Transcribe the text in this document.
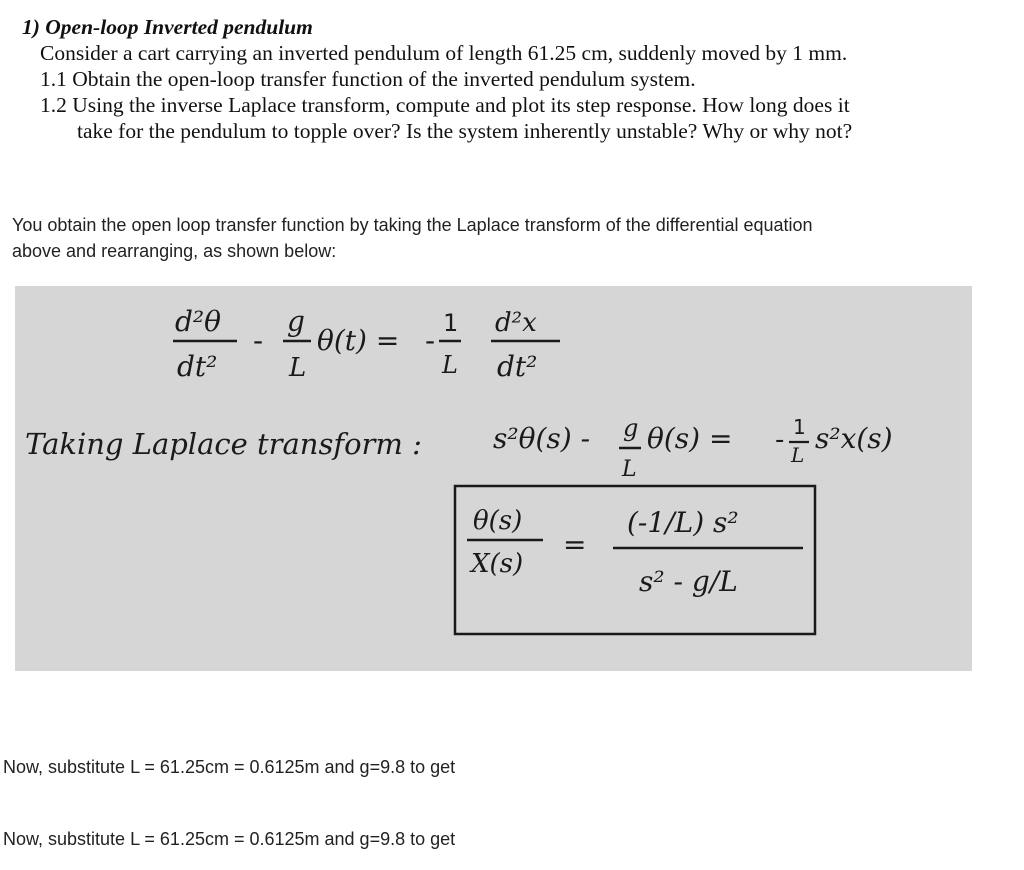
1) Open-loop Inverted pendulum
Consider a cart carrying an inverted pendulum of length 61.25 cm, suddenly moved by 1 mm.
1.1 Obtain the open-loop transfer function of the inverted pendulum system.
1.2 Using the inverse Laplace transform, compute and plot its step response. How long does it
take for the pendulum to topple over? Is the system inherently unstable? Why or why not?
You obtain the open loop transfer function by taking the Laplace transform of the differential equation
above and rearranging, as shown below:
d²θ
dt²
-
g
L
θ(t) = -
1
L
d²x
dt²
Taking Laplace transform :	s²θ(s) - g
L
θ(s) = - 1
L s²x(s)
θ(s)
X(s)
=
(-1/L) s²
s² - g/L
Now, substitute L = 61.25cm = 0.6125m and g=9.8 to get
Now, substitute L = 61.25cm = 0.6125m and g=9.8 to get
